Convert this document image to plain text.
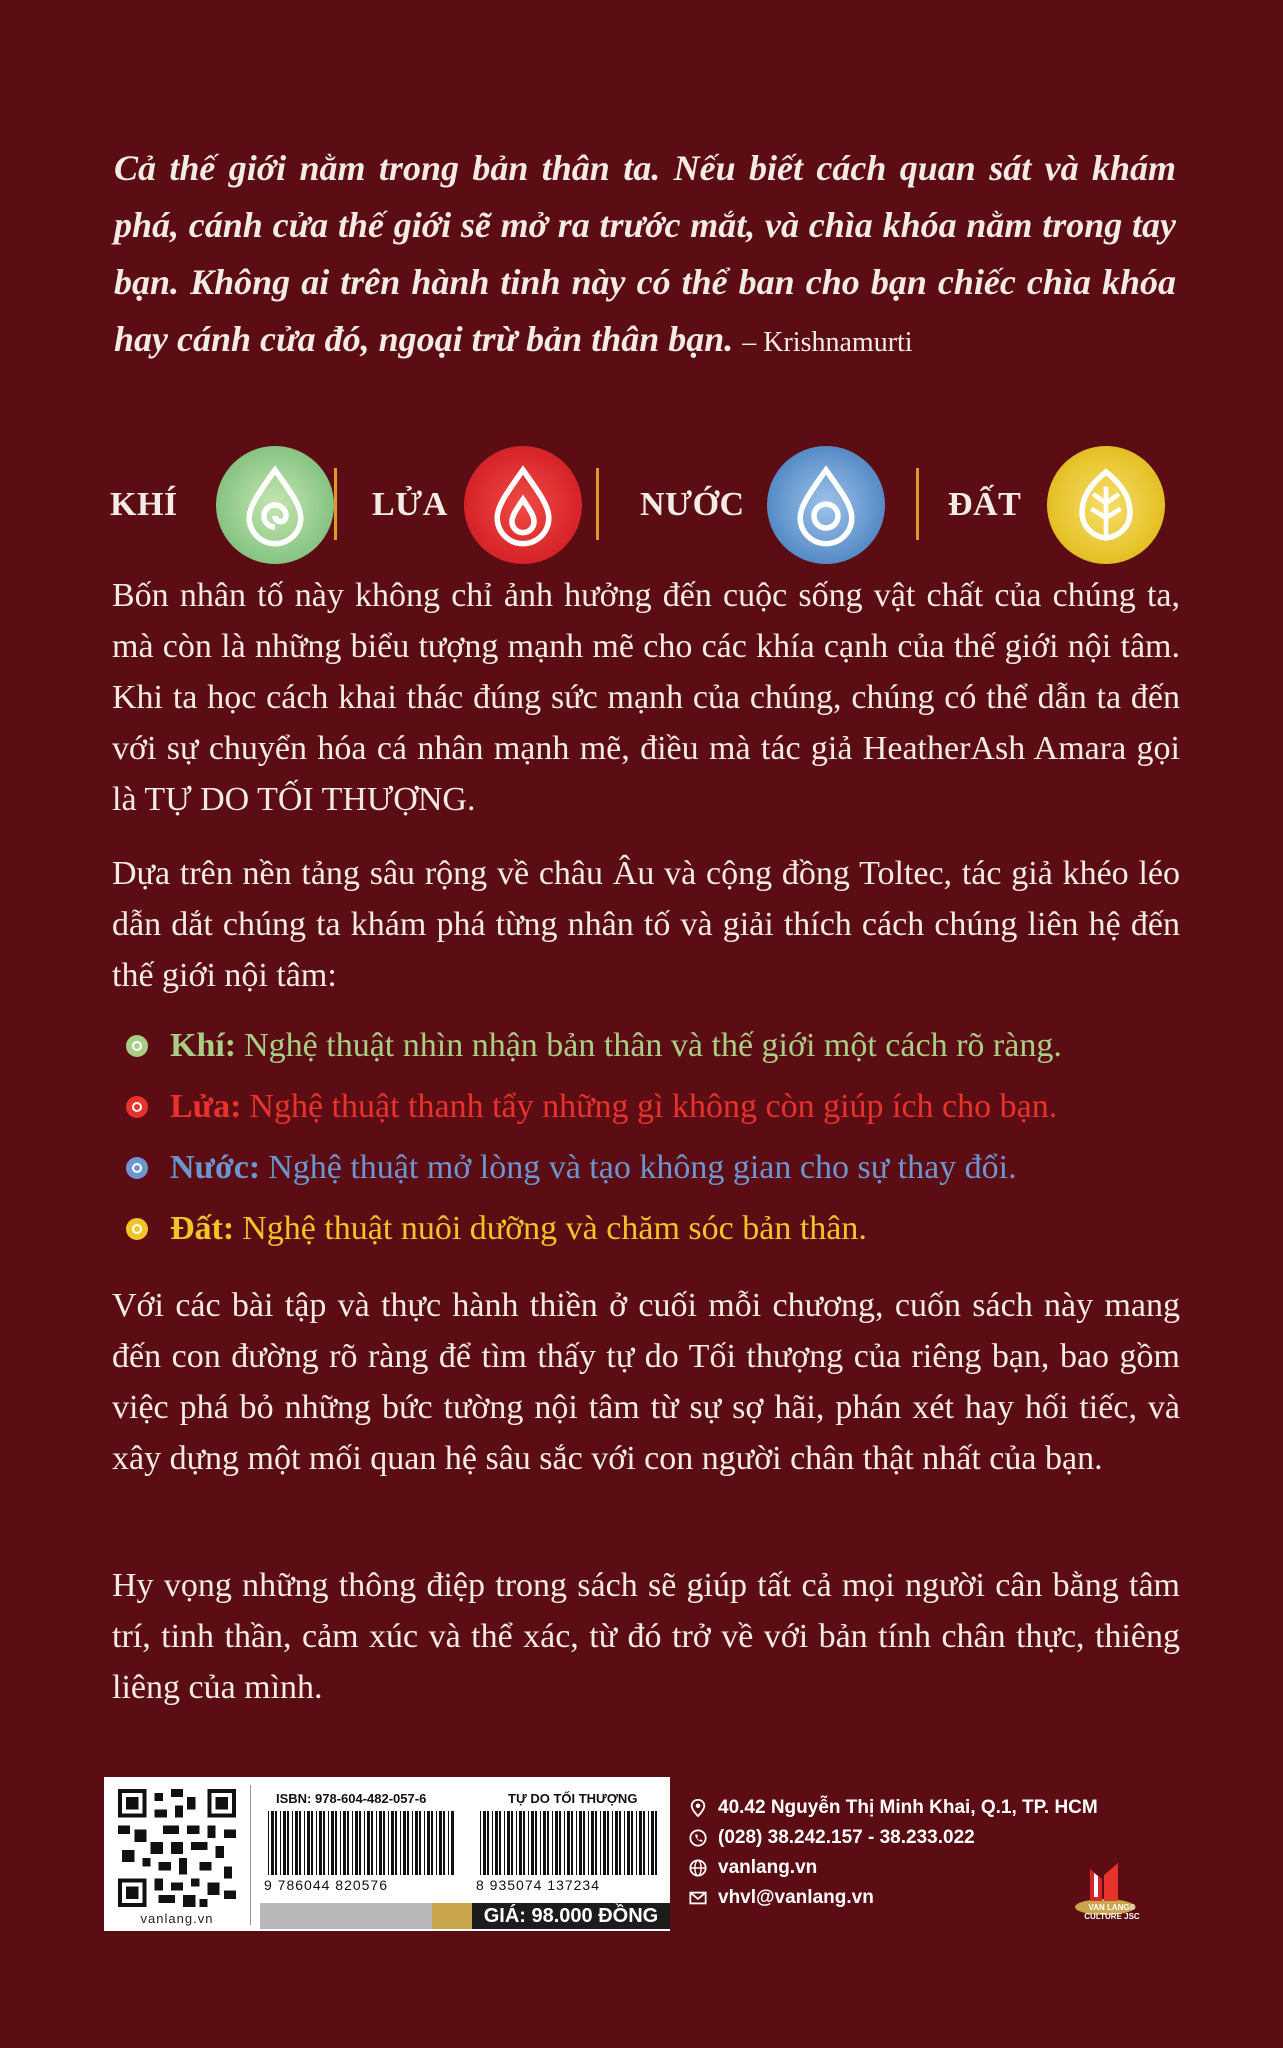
Cả thế giới nằm trong bản thân ta. Nếu biết cách quan sát và khám phá, cánh cửa thế giới sẽ mở ra trước mắt, và chìa khóa nằm trong tay bạn. Không ai trên hành tinh này có thể ban cho bạn chiếc chìa khóa hay cánh cửa đó, ngoại trừ bản thân bạn. – Krishnamurti

KHÍ	LỬA	NƯỚC	ĐẤT

Bốn nhân tố này không chỉ ảnh hưởng đến cuộc sống vật chất của chúng ta, mà còn là những biểu tượng mạnh mẽ cho các khía cạnh của thế giới nội tâm. Khi ta học cách khai thác đúng sức mạnh của chúng, chúng có thể dẫn ta đến với sự chuyển hóa cá nhân mạnh mẽ, điều mà tác giả HeatherAsh Amara gọi là TỰ DO TỐI THƯỢNG.

Dựa trên nền tảng sâu rộng về châu Âu và cộng đồng Toltec, tác giả khéo léo dẫn dắt chúng ta khám phá từng nhân tố và giải thích cách chúng liên hệ đến thế giới nội tâm:

Khí: Nghệ thuật nhìn nhận bản thân và thế giới một cách rõ ràng.
Lửa: Nghệ thuật thanh tẩy những gì không còn giúp ích cho bạn.
Nước: Nghệ thuật mở lòng và tạo không gian cho sự thay đổi.
Đất: Nghệ thuật nuôi dưỡng và chăm sóc bản thân.

Với các bài tập và thực hành thiền ở cuối mỗi chương, cuốn sách này mang đến con đường rõ ràng để tìm thấy tự do Tối thượng của riêng bạn, bao gồm việc phá bỏ những bức tường nội tâm từ sự sợ hãi, phán xét hay hối tiếc, và xây dựng một mối quan hệ sâu sắc với con người chân thật nhất của bạn.

Hy vọng những thông điệp trong sách sẽ giúp tất cả mọi người cân bằng tâm trí, tinh thần, cảm xúc và thể xác, từ đó trở về với bản tính chân thực, thiêng liêng của mình.

vanlang.vn
ISBN: 978-604-482-057-6
9 786044 820576
TỰ DO TỐI THƯỢNG
8 935074 137234
GIÁ: 98.000 ĐỒNG
40.42 Nguyễn Thị Minh Khai, Q.1, TP. HCM
(028) 38.242.157 - 38.233.022
vanlang.vn
vhvl@vanlang.vn	VAN LANG® CULTURE JSC
